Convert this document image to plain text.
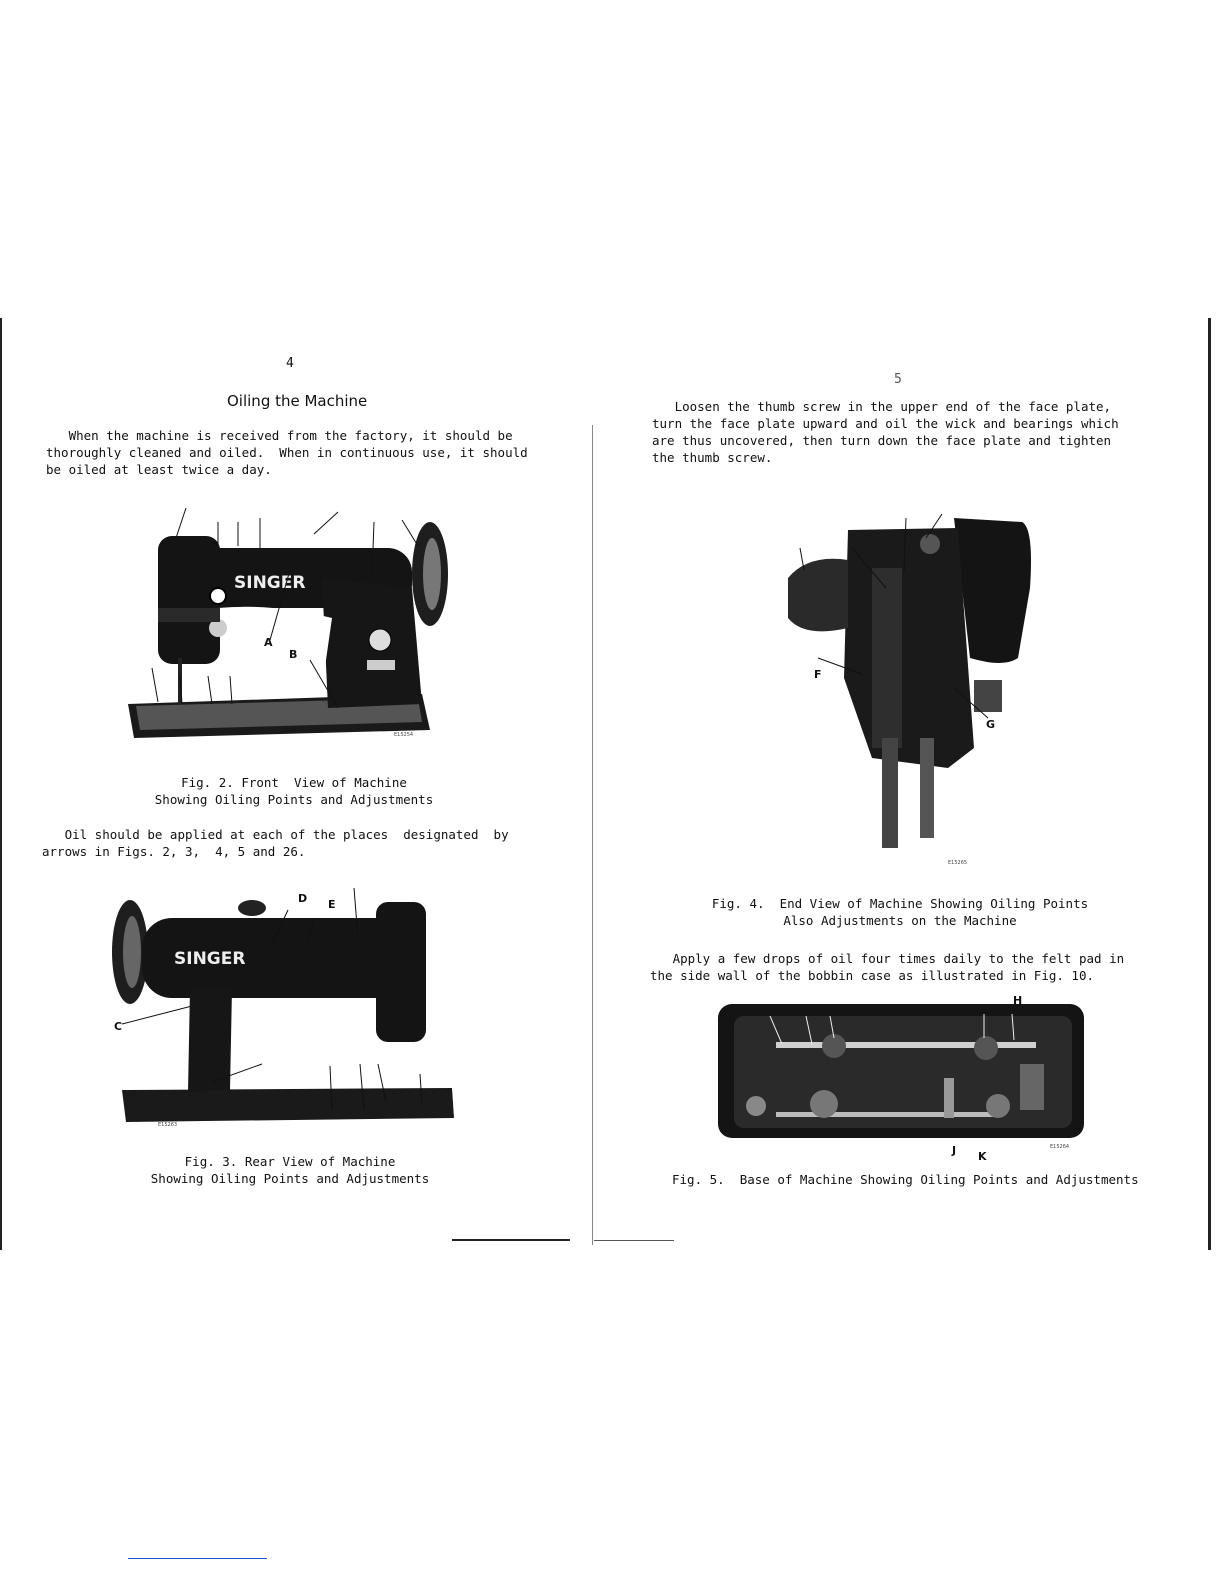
4
Oiling the Machine
When the machine is received from the factory, it should be
thoroughly cleaned and oiled.  When in continuous use, it should
be oiled at least twice a day.
SINGER
A
B
E15254
Fig. 2. Front  View of Machine
Showing Oiling Points and Adjustments
Oil should be applied at each of the places  designated  by
arrows in Figs. 2, 3,  4, 5 and 26.
SINGER
C
D E
E15263
Fig. 3. Rear View of Machine
Showing Oiling Points and Adjustments
5
Loosen the thumb screw in the upper end of the face plate,
turn the face plate upward and oil the wick and bearings which
are thus uncovered, then turn down the face plate and tighten
the thumb screw.
F
G
E15265
Fig. 4.  End View of Machine Showing Oiling Points
Also Adjustments on the Machine
Apply a few drops of oil four times daily to the felt pad in
the side wall of the bobbin case as illustrated in Fig. 10.
H
J K
E15264
Fig. 5.  Base of Machine Showing Oiling Points and Adjustments
